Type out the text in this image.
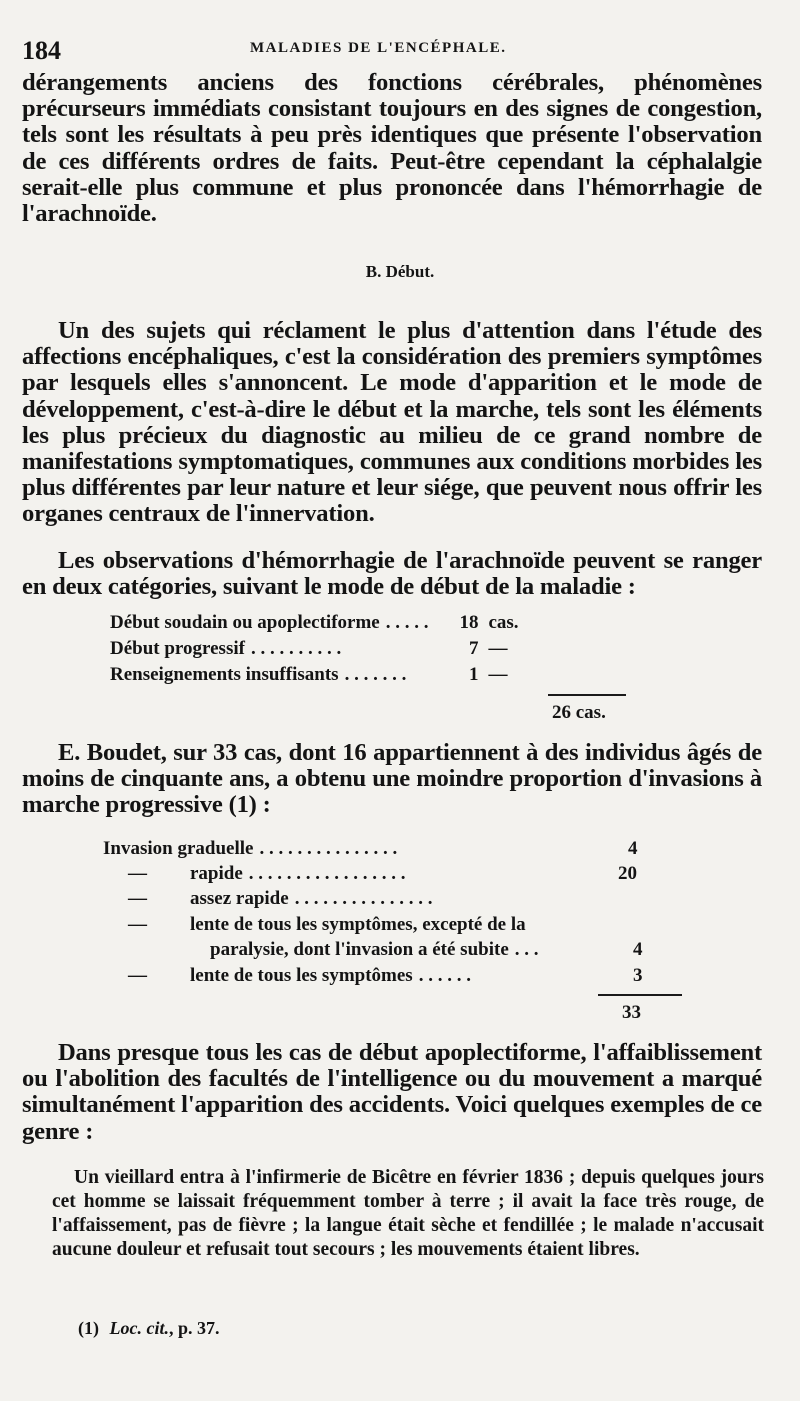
184	MALADIES DE L'ENCÉPHALE.
dérangements anciens des fonctions cérébrales, phénomènes précurseurs immédiats consistant toujours en des signes de congestion, tels sont les résultats à peu près identiques que présente l'observation de ces différents ordres de faits. Peut-être cependant la céphalalgie serait-elle plus commune et plus prononcée dans l'hémorrhagie de l'arachnoïde.
B. Début.
Un des sujets qui réclament le plus d'attention dans l'étude des affections encéphaliques, c'est la considération des premiers symptômes par lesquels elles s'annoncent. Le mode d'apparition et le mode de développement, c'est-à-dire le début et la marche, tels sont les éléments les plus précieux du diagnostic au milieu de ce grand nombre de manifestations symptomatiques, communes aux conditions morbides les plus différentes par leur nature et leur siége, que peuvent nous offrir les organes centraux de l'innervation.
Les observations d'hémorrhagie de l'arachnoïde peuvent se ranger en deux catégories, suivant le mode de début de la maladie :
Début soudain ou apoplectiforme . . . . .	18	cas.
Début progressif . . . . . . . . . .	7	—
Renseignements insuffisants . . . . . . .	1	—
26 cas.
E. Boudet, sur 33 cas, dont 16 appartiennent à des individus âgés de moins de cinquante ans, a obtenu une moindre proportion d'invasions à marche progressive (1) :
Invasion graduelle . . . . . . . . . . . . . . .	4
— rapide . . . . . . . . . . . . . . . . .	20
— assez rapide . . . . . . . . . . . . . . .
— lente de tous les symptômes, excepté de la
paralysie, dont l'invasion a été subite . . .	4
— lente de tous les symptômes . . . . . .	3
33
Dans presque tous les cas de début apoplectiforme, l'affaiblissement ou l'abolition des facultés de l'intelligence ou du mouvement a marqué simultanément l'apparition des accidents. Voici quelques exemples de ce genre :
Un vieillard entra à l'infirmerie de Bicêtre en février 1836 ; depuis quelques jours cet homme se laissait fréquemment tomber à terre ; il avait la face très rouge, de l'affaissement, pas de fièvre ; la langue était sèche et fendillée ; le malade n'accusait aucune douleur et refusait tout secours ; les mouvements étaient libres.
(1) Loc. cit., p. 37.
